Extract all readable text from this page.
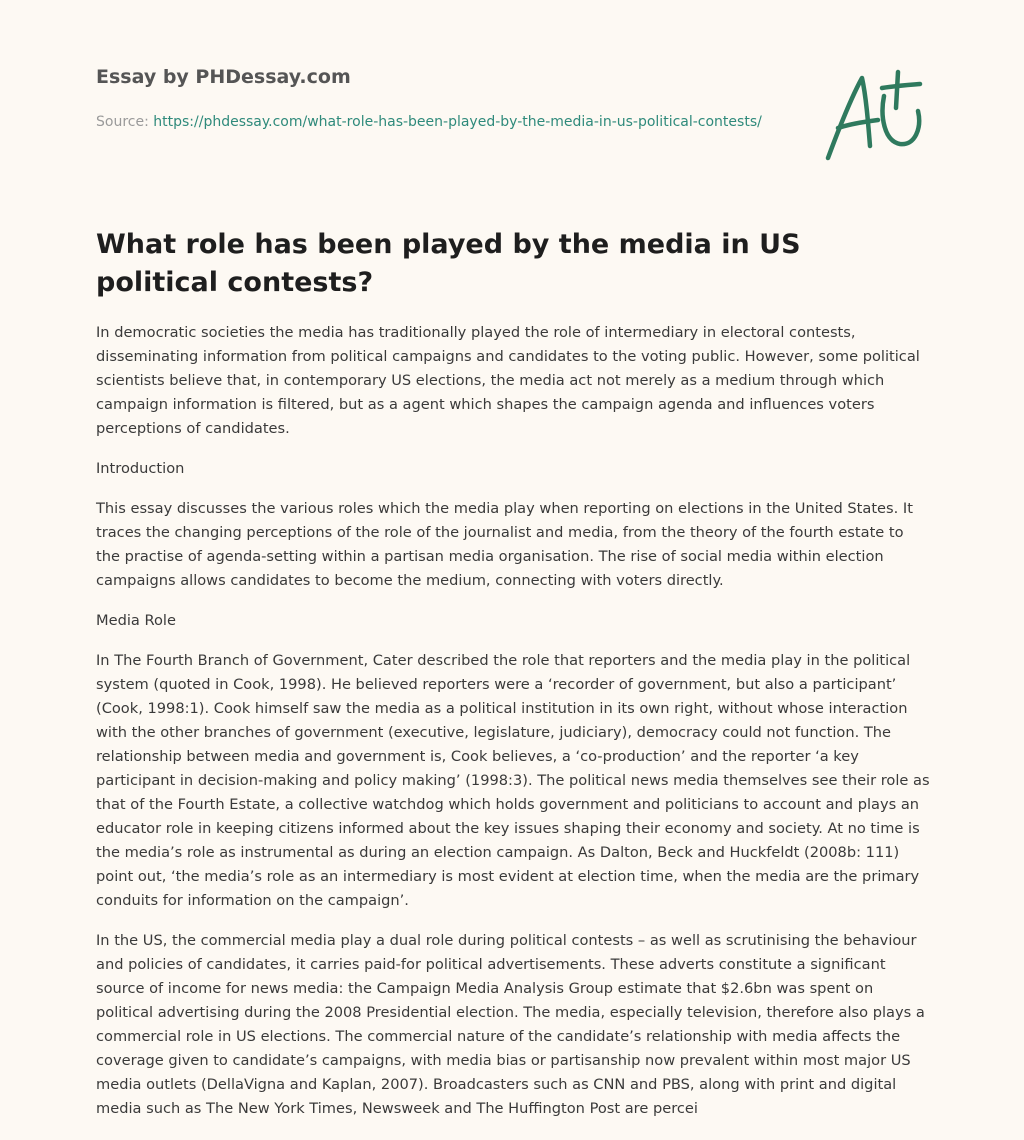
Essay by PHDessay.com
Source: https://phdessay.com/what-role-has-been-played-by-the-media-in-us-political-contests/
What role has been played by the media in US political contests?

In democratic societies the media has traditionally played the role of intermediary in electoral contests, disseminating information from political campaigns and candidates to the voting public. However, some political scientists believe that, in contemporary US elections, the media act not merely as a medium through which campaign information is filtered, but as a agent which shapes the campaign agenda and influences voters perceptions of candidates.

Introduction

This essay discusses the various roles which the media play when reporting on elections in the United States. It traces the changing perceptions of the role of the journalist and media, from the theory of the fourth estate to the practise of agenda-setting within a partisan media organisation. The rise of social media within election campaigns allows candidates to become the medium, connecting with voters directly.

Media Role

In The Fourth Branch of Government, Cater described the role that reporters and the media play in the political system (quoted in Cook, 1998). He believed reporters were a ‘recorder of government, but also a participant’ (Cook, 1998:1). Cook himself saw the media as a political institution in its own right, without whose interaction with the other branches of government (executive, legislature, judiciary), democracy could not function. The relationship between media and government is, Cook believes, a ‘co-production’ and the reporter ‘a key participant in decision-making and policy making’ (1998:3). The political news media themselves see their role as that of the Fourth Estate, a collective watchdog which holds government and politicians to account and plays an educator role in keeping citizens informed about the key issues shaping their economy and society. At no time is the media’s role as instrumental as during an election campaign. As Dalton, Beck and Huckfeldt (2008b: 111) point out, ‘the media’s role as an intermediary is most evident at election time, when the media are the primary conduits for information on the campaign’.

In the US, the commercial media play a dual role during political contests – as well as scrutinising the behaviour and policies of candidates, it carries paid-for political advertisements. These adverts constitute a significant source of income for news media: the Campaign Media Analysis Group estimate that $2.6bn was spent on political advertising during the 2008 Presidential election. The media, especially television, therefore also plays a commercial role in US elections. The commercial nature of the candidate’s relationship with media affects the coverage given to candidate’s campaigns, with media bias or partisanship now prevalent within most major US media outlets (DellaVigna and Kaplan, 2007). Broadcasters such as CNN and PBS, along with print and digital media such as The New York Times, Newsweek and The Huffington Post are percei
